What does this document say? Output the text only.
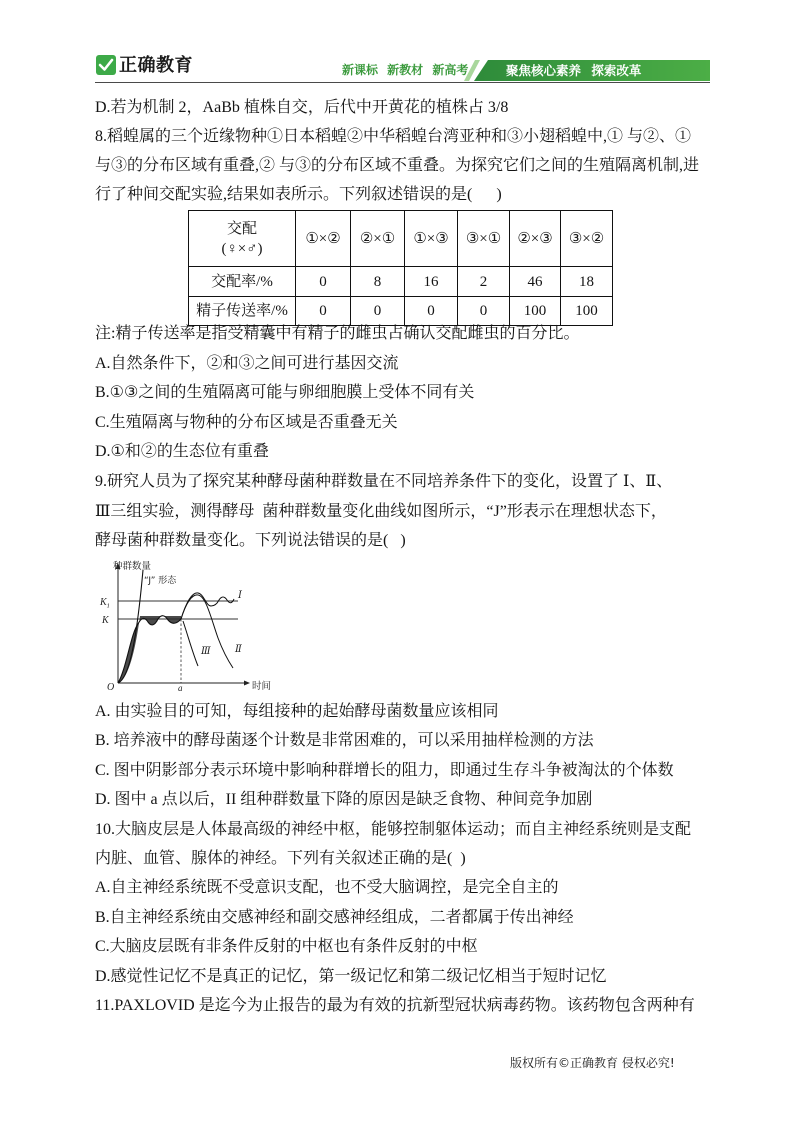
正确教育	新课标 新教材 新高考	聚焦核心素养 探索改革
D.若为机制 2，AaBb 植株自交，后代中开黄花的植株占 3/8
8.稻蝗属的三个近缘物种①日本稻蝗②中华稻蝗台湾亚种和③小翅稻蝗中,① 与②、①
与③的分布区域有重叠,② 与③的分布区域不重叠。为探究它们之间的生殖隔离机制,进
行了种间交配实验,结果如表所示。下列叙述错误的是(      )
交配
(♀×♂)	①×②	②×①	①×③	③×①	②×③	③×②
交配率/%	0	8	16	2	46	18
精子传送率/%	0	0	0	0	100	100
注:精子传送率是指受精囊中有精子的雌虫占确认交配雌虫的百分比。
A.自然条件下，②和③之间可进行基因交流
B.①③之间的生殖隔离可能与卵细胞膜上受体不同有关
C.生殖隔离与物种的分布区域是否重叠无关
D.①和②的生态位有重叠
9.研究人员为了探究某种酵母菌种群数量在不同培养条件下的变化，设置了 Ⅰ、Ⅱ、
Ⅲ三组实验，测得酵母  菌种群数量变化曲线如图所示，“J”形表示在理想状态下，
酵母菌种群数量变化。下列说法错误的是(   )
种群数量
“J” 形态
$K_1$
K
O	a	时间
Ⅰ
Ⅱ
Ⅲ
A. 由实验目的可知，每组接种的起始酵母菌数量应该相同
B. 培养液中的酵母菌逐个计数是非常困难的，可以采用抽样检测的方法
C. 图中阴影部分表示环境中影响种群增长的阻力，即通过生存斗争被淘汰的个体数
D. 图中 a 点以后，II 组种群数量下降的原因是缺乏食物、种间竞争加剧
10.大脑皮层是人体最高级的神经中枢，能够控制躯体运动；而自主神经系统则是支配
内脏、血管、腺体的神经。下列有关叙述正确的是(  )
A.自主神经系统既不受意识支配，也不受大脑调控，是完全自主的
B.自主神经系统由交感神经和副交感神经组成，二者都属于传出神经
C.大脑皮层既有非条件反射的中枢也有条件反射的中枢
D.感觉性记忆不是真正的记忆，第一级记忆和第二级记忆相当于短时记忆
11.PAXLOVID 是迄今为止报告的最为有效的抗新型冠状病毒药物。该药物包含两种有
版权所有©正确教育 侵权必究!
